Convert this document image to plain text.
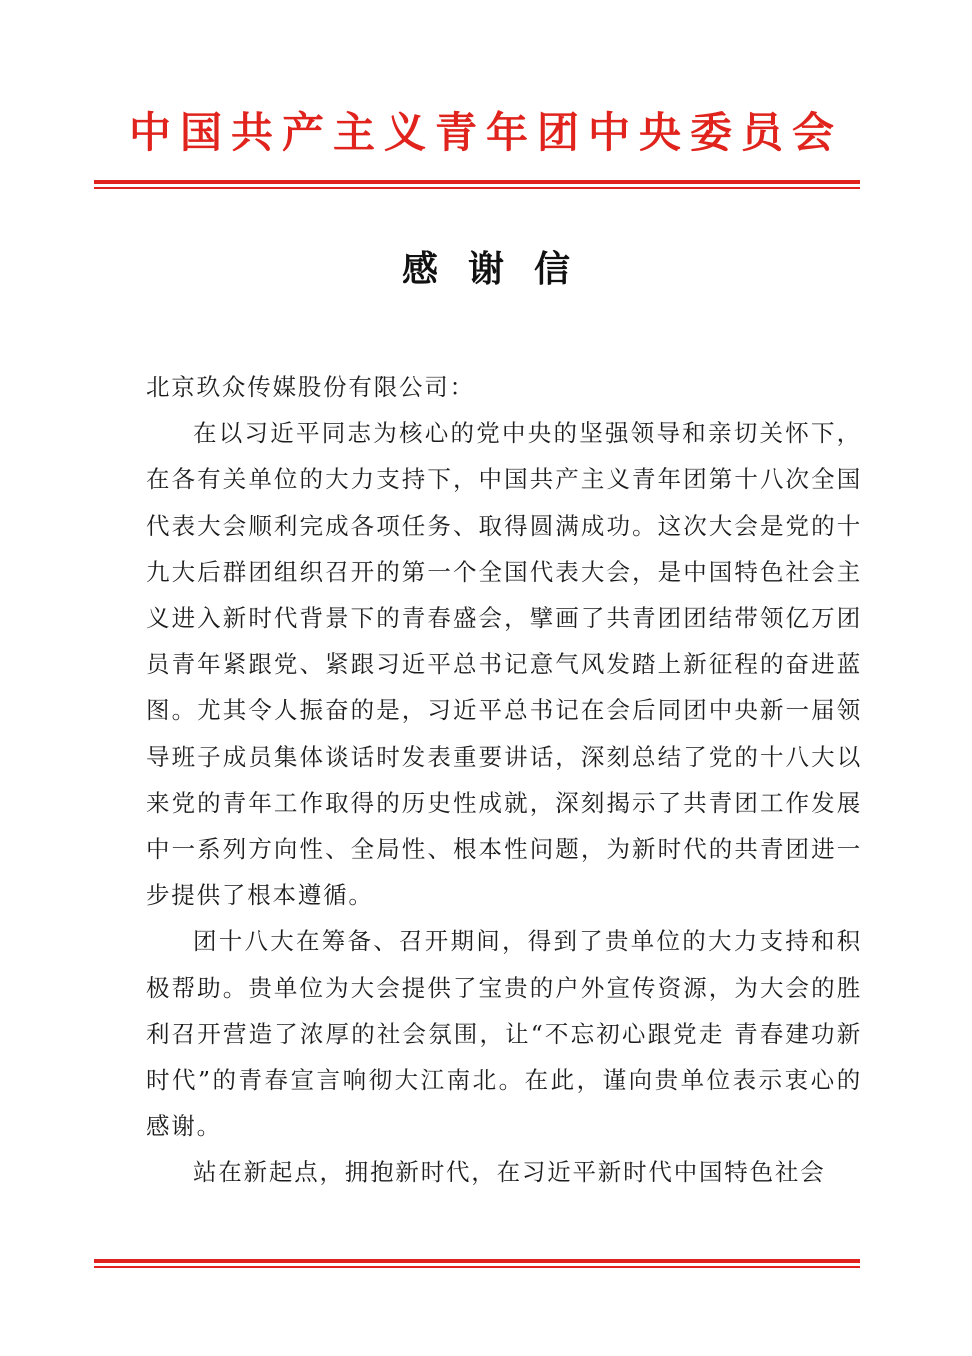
中国共产主义青年团中央委员会
感谢信

北京玖众传媒股份有限公司：

在以习近平同志为核心的党中央的坚强领导和亲切关怀下，在各有关单位的大力支持下，中国共产主义青年团第十八次全国代表大会顺利完成各项任务、取得圆满成功。这次大会是党的十九大后群团组织召开的第一个全国代表大会，是中国特色社会主义进入新时代背景下的青春盛会，擘画了共青团团结带领亿万团员青年紧跟党、紧跟习近平总书记意气风发踏上新征程的奋进蓝图。尤其令人振奋的是，习近平总书记在会后同团中央新一届领导班子成员集体谈话时发表重要讲话，深刻总结了党的十八大以来党的青年工作取得的历史性成就，深刻揭示了共青团工作发展中一系列方向性、全局性、根本性问题，为新时代的共青团进一步提供了根本遵循。

团十八大在筹备、召开期间，得到了贵单位的大力支持和积极帮助。贵单位为大会提供了宝贵的户外宣传资源，为大会的胜利召开营造了浓厚的社会氛围，让“不忘初心跟党走 青春建功新时代”的青春宣言响彻大江南北。在此，谨向贵单位表示衷心的感谢。

站在新起点，拥抱新时代，在习近平新时代中国特色社会
